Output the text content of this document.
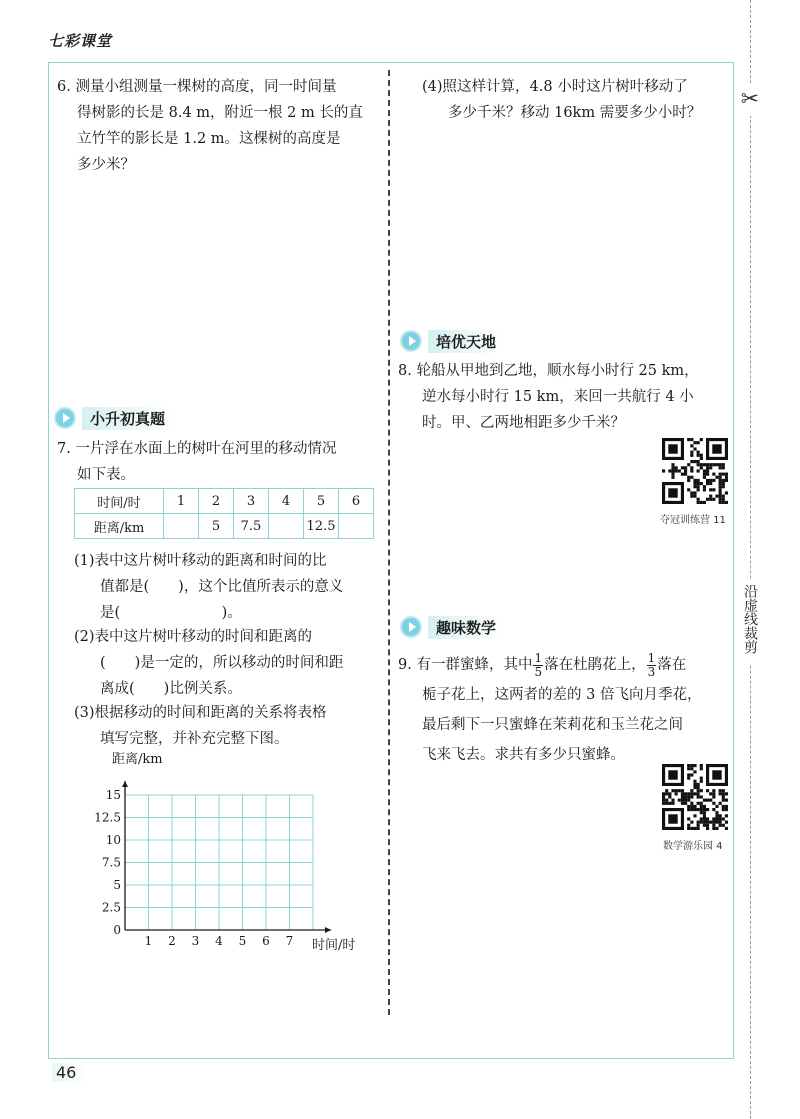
七彩课堂
✂
沿虚线裁剪
6. 测量小组测量一棵树的高度，同一时间量
得树影的长是 8.4 m，附近一根 2 m 长的直
立竹竿的影长是 1.2 m。这棵树的高度是
多少米？
小升初真题
7. 一片浮在水面上的树叶在河里的移动情况
如下表。
时间/时	1	2	3	4	5	6
距离/km		5	7.5		12.5	
(1)表中这片树叶移动的距离和时间的比
值都是(　　)，这个比值所表示的意义
是(　　　　　　　)。
(2)表中这片树叶移动的时间和距离的
(　　)是一定的，所以移动的时间和距
离成(　　)比例关系。
(3)根据移动的时间和距离的关系将表格
填写完整，并补充完整下图。
距离/km
时间/时
1 2 3 4 5 6 7
0
2.5
5
7.5
10
12.5
15
(4)照这样计算，4.8 小时这片树叶移动了
多少千米？移动 16km 需要多少小时？
培优天地
8. 轮船从甲地到乙地，顺水每小时行 25 km，
逆水每小时行 15 km，来回一共航行 4 小
时。甲、乙两地相距多少千米？
夺冠训练营 11
趣味数学
9. 有一群蜜蜂，其中 $\frac{1}{5}$ 落在杜鹃花上， $\frac{1}{3}$ 落在
栀子花上，这两者的差的 3 倍飞向月季花，
最后剩下一只蜜蜂在茉莉花和玉兰花之间
飞来飞去。求共有多少只蜜蜂。
数学游乐园 4
46
